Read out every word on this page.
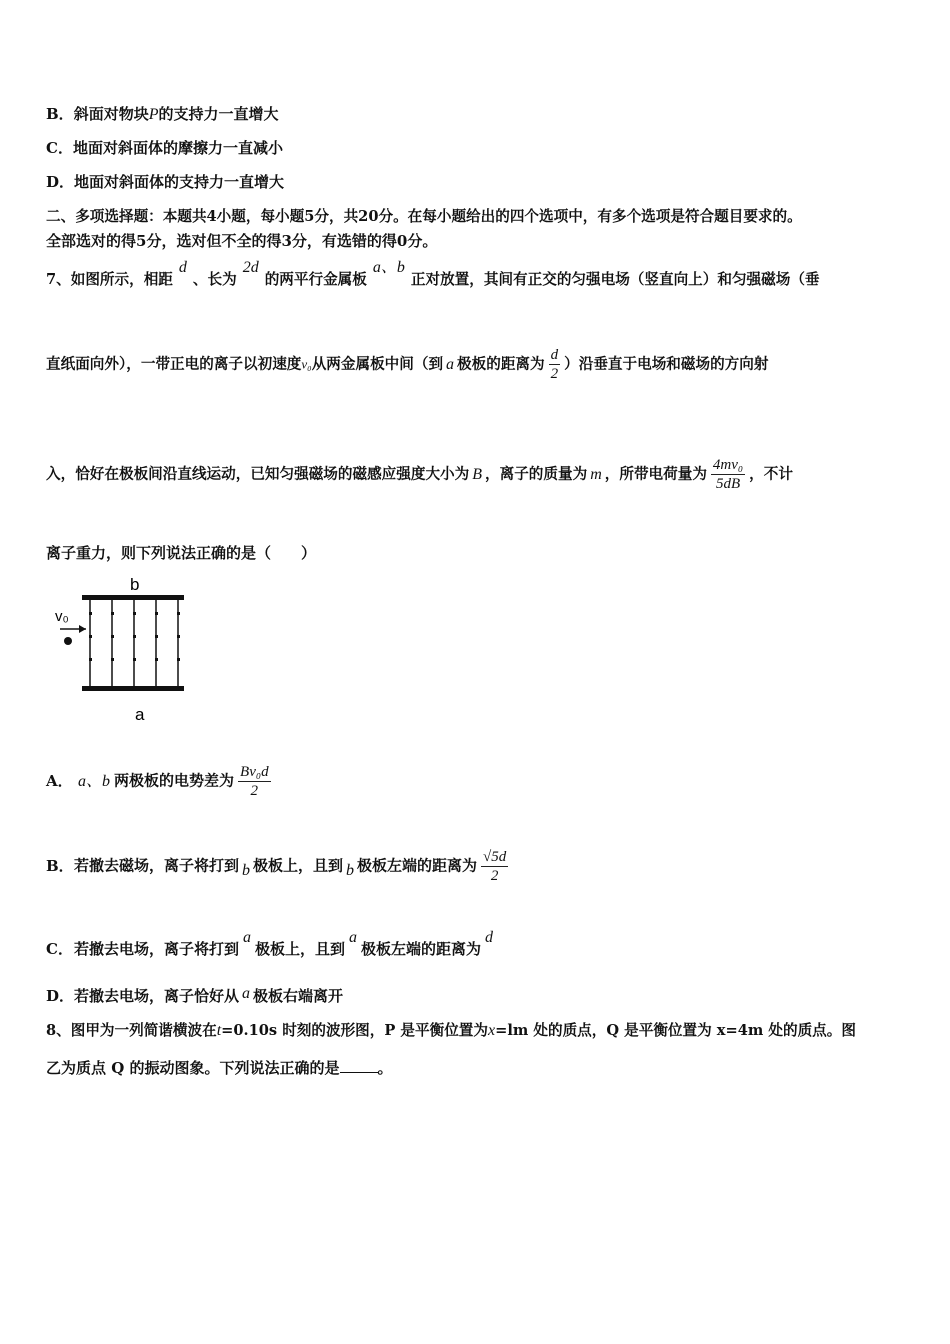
B．斜面对物块P的支持力一直增大
C．地面对斜面体的摩擦力一直减小
D．地面对斜面体的支持力一直增大
二、多项选择题：本题共4小题，每小题5分，共20分。在每小题给出的四个选项中，有多个选项是符合题目要求的。
全部选对的得5分，选对但不全的得3分，有选错的得0分。
7、如图所示，相距d、长为2d的两平行金属板a、b正对放置，其间有正交的匀强电场（竖直向上）和匀强磁场（垂
直纸面向外），一带正电的离子以初速度v₀从两金属板中间（到 a 极板的距离为 $\frac{d}{2}$ ）沿垂直于电场和磁场的方向射
入，恰好在极板间沿直线运动，已知匀强磁场的磁感应强度大小为 B ，离子的质量为 m ，所带电荷量为 $\frac{\text{4mv₀}}{5dB}$ ，不计
离子重力，则下列说法正确的是（　　）
b
v₀
a
A． a、b 两极板的电势差为 $\frac{\text{Bv₀d}}{2}$
B．若撤去磁场，离子将打到 b 极板上，且到 b 极板左端的距离为 $\frac{√5d}{2}$
C．若撤去电场，离子将打到a极板上，且到a极板左端的距离为d
D．若撤去电场，离子恰好从 a 极板右端离开
8、图甲为一列简谐横波在t=0.10s 时刻的波形图，P 是平衡位置为x=lm 处的质点，Q 是平衡位置为 x=4m 处的质点。图
乙为质点 Q 的振动图象。下列说法正确的是	。
